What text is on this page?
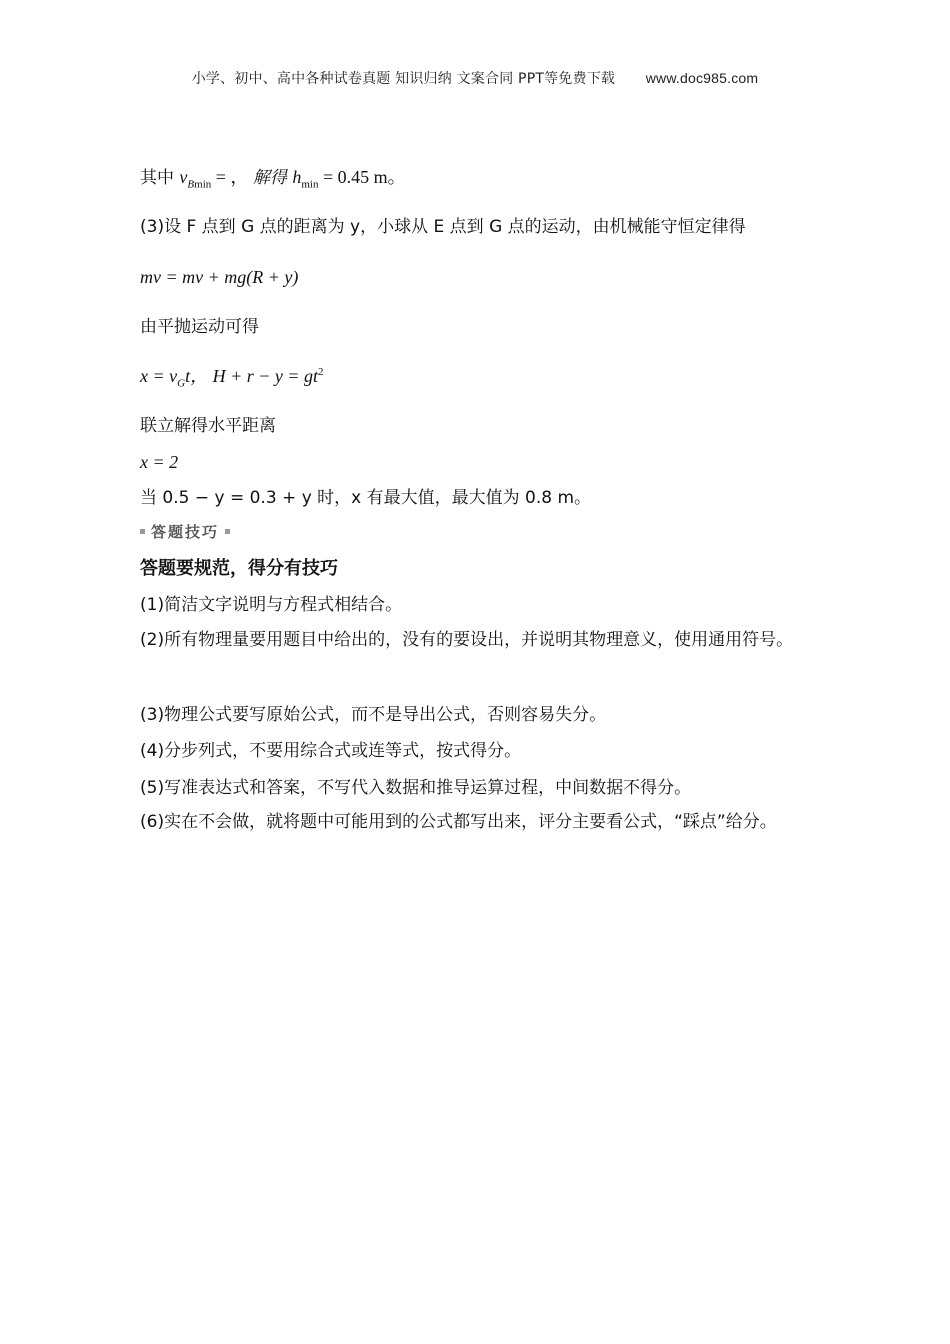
小学、初中、高中各种试卷真题 知识归纳 文案合同 PPT等免费下载 www.doc985.com
其中 $v_{Bmin}$ = ， 解得 $h_{min} = 0.45$ m。
(3)设 F 点到 G 点的距离为 y，小球从 E 点到 G 点的运动，由机械能守恒定律得
mv = mv + mg(R + y)
由平抛运动可得
$x = v_Gt$， $H + r - y = gt^2$
联立解得水平距离
x = 2
当 0.5 − y = 0.3 + y 时，x 有最大值，最大值为 0.8 m。
答题技巧
答题要规范，得分有技巧
(1)简洁文字说明与方程式相结合。
(2)所有物理量要用题目中给出的，没有的要设出，并说明其物理意义，使用通用符号。
(3)物理公式要写原始公式，而不是导出公式，否则容易失分。
(4)分步列式，不要用综合式或连等式，按式得分。
(5)写准表达式和答案，不写代入数据和推导运算过程，中间数据不得分。
(6)实在不会做，就将题中可能用到的公式都写出来，评分主要看公式，“踩点”给分。
